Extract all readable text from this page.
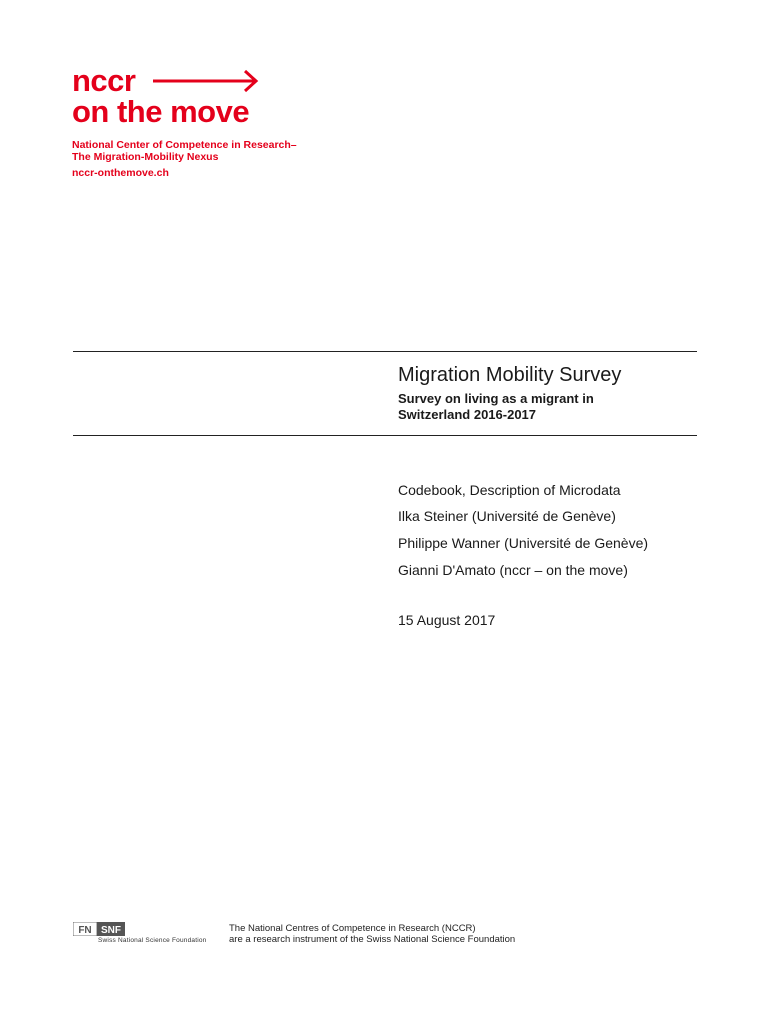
nccr
on the move
National Center of Competence in Research–
The Migration-Mobility Nexus
nccr-onthemove.ch
Migration Mobility Survey
Survey on living as a migrant in
Switzerland 2016-2017
Codebook, Description of Microdata
Ilka Steiner (Université de Genève)
Philippe Wanner (Université de Genève)
Gianni D'Amato (nccr – on the move)
15 August 2017
FN SNF
Swiss National Science Foundation
The National Centres of Competence in Research (NCCR)
are a research instrument of the Swiss National Science Foundation
